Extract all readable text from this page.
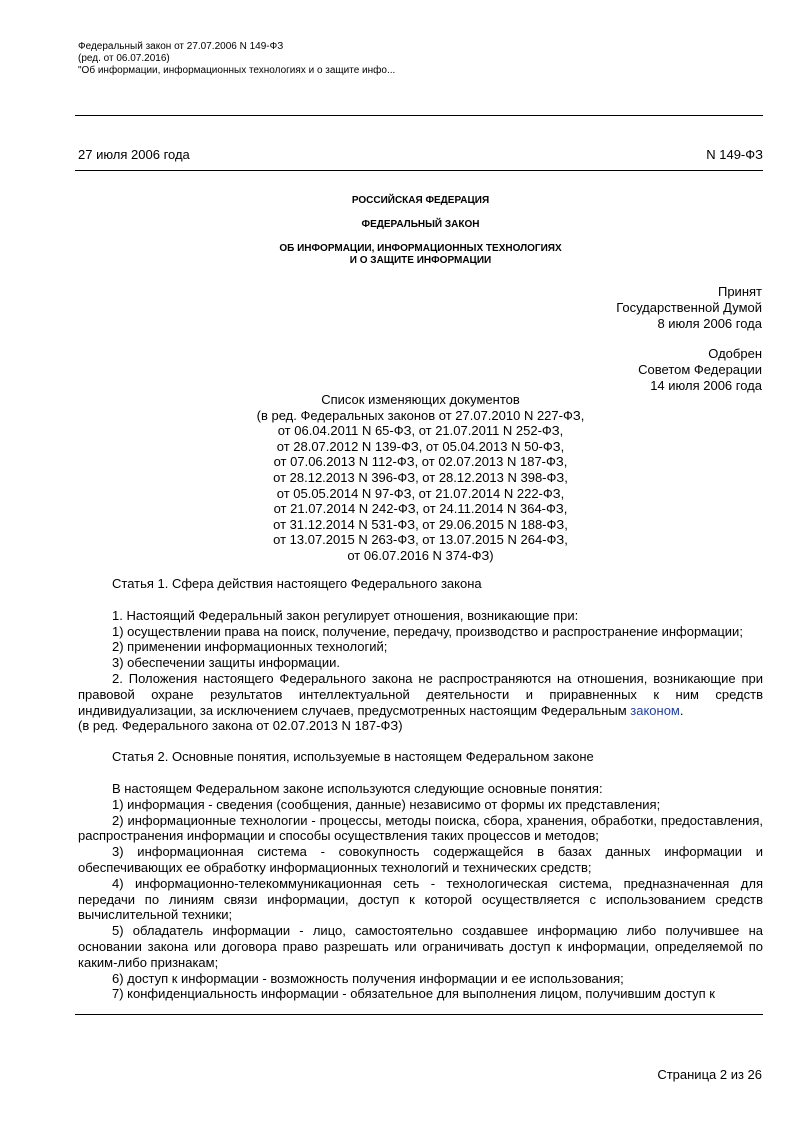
Федеральный закон от 27.07.2006 N 149-ФЗ
(ред. от 06.07.2016)
"Об информации, информационных технологиях и о защите инфо...
27 июля 2006 года	N 149-ФЗ
РОССИЙСКАЯ ФЕДЕРАЦИЯ
ФЕДЕРАЛЬНЫЙ ЗАКОН
ОБ ИНФОРМАЦИИ, ИНФОРМАЦИОННЫХ ТЕХНОЛОГИЯХ
И О ЗАЩИТЕ ИНФОРМАЦИИ
Принят
Государственной Думой
8 июля 2006 года
Одобрен
Советом Федерации
14 июля 2006 года
Список изменяющих документов
(в ред. Федеральных законов от 27.07.2010 N 227-ФЗ,
от 06.04.2011 N 65-ФЗ, от 21.07.2011 N 252-ФЗ,
от 28.07.2012 N 139-ФЗ, от 05.04.2013 N 50-ФЗ,
от 07.06.2013 N 112-ФЗ, от 02.07.2013 N 187-ФЗ,
от 28.12.2013 N 396-ФЗ, от 28.12.2013 N 398-ФЗ,
от 05.05.2014 N 97-ФЗ, от 21.07.2014 N 222-ФЗ,
от 21.07.2014 N 242-ФЗ, от 24.11.2014 N 364-ФЗ,
от 31.12.2014 N 531-ФЗ, от 29.06.2015 N 188-ФЗ,
от 13.07.2015 N 263-ФЗ, от 13.07.2015 N 264-ФЗ,
от 06.07.2016 N 374-ФЗ)

Статья 1. Сфера действия настоящего Федерального закона

1. Настоящий Федеральный закон регулирует отношения, возникающие при:

1) осуществлении права на поиск, получение, передачу, производство и распространение информации;

2) применении информационных технологий;

3) обеспечении защиты информации.

2. Положения настоящего Федерального закона не распространяются на отношения, возникающие при правовой охране результатов интеллектуальной деятельности и приравненных к ним средств индивидуализации, за исключением случаев, предусмотренных настоящим Федеральным законом.

(в ред. Федерального закона от 02.07.2013 N 187-ФЗ)

Статья 2. Основные понятия, используемые в настоящем Федеральном законе

В настоящем Федеральном законе используются следующие основные понятия:

1) информация - сведения (сообщения, данные) независимо от формы их представления;

2) информационные технологии - процессы, методы поиска, сбора, хранения, обработки, предоставления, распространения информации и способы осуществления таких процессов и методов;

3) информационная система - совокупность содержащейся в базах данных информации и обеспечивающих ее обработку информационных технологий и технических средств;

4) информационно-телекоммуникационная сеть - технологическая система, предназначенная для передачи по линиям связи информации, доступ к которой осуществляется с использованием средств вычислительной техники;

5) обладатель информации - лицо, самостоятельно создавшее информацию либо получившее на основании закона или договора право разрешать или ограничивать доступ к информации, определяемой по каким-либо признакам;

6) доступ к информации - возможность получения информации и ее использования;

7) конфиденциальность информации - обязательное для выполнения лицом, получившим доступ к

Страница 2 из 26
